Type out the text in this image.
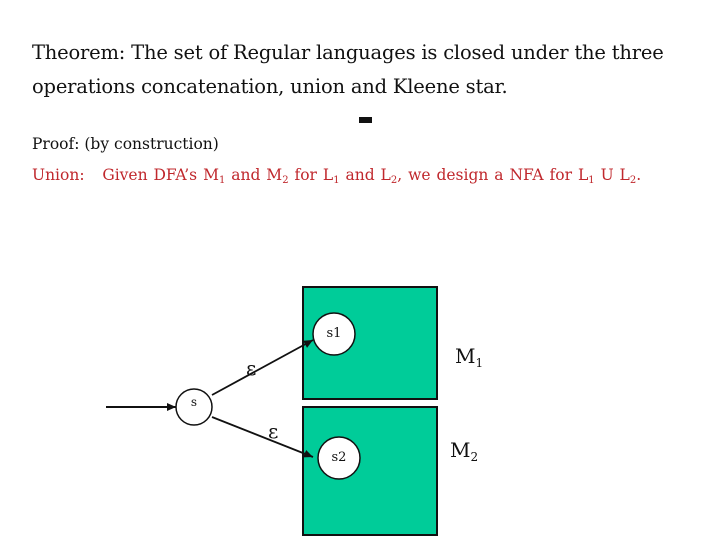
Theorem: The set of Regular languages is closed under the three operations concatenation, union and Kleene star.
Proof: (by construction)
Union: Given DFA’s $M_1$ and $M_2$ for $L_1$ and $L_2$, we design a NFA for $L_1$ U $L_2$.
s
s1
s2
ε
ε
$M_1$
$M_2$
